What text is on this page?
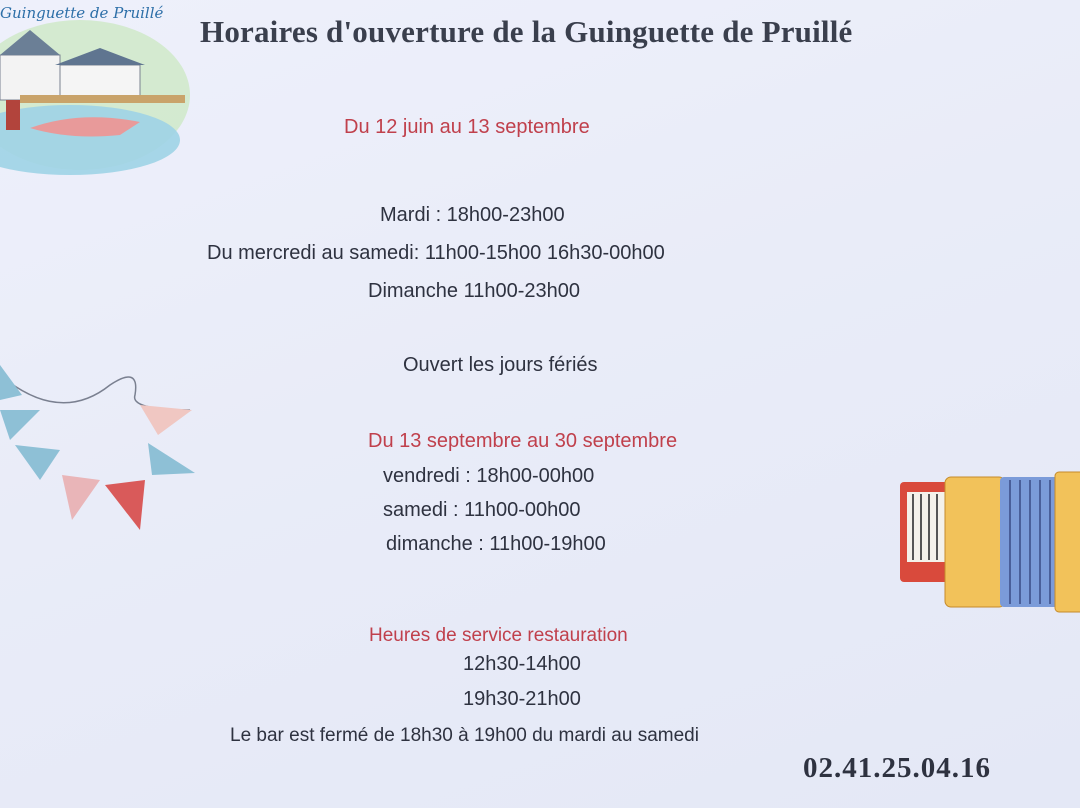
Guinguette de Pruillé
Horaires d'ouverture de la Guinguette de Pruillé
Du 12 juin au 13 septembre
Mardi : 18h00-23h00
Du mercredi au samedi: 11h00-15h00 16h30-00h00
Dimanche 11h00-23h00
Ouvert les jours fériés
Du 13 septembre au 30 septembre
vendredi : 18h00-00h00
samedi : 11h00-00h00
dimanche : 11h00-19h00
Heures de service restauration
12h30-14h00
19h30-21h00
Le bar est fermé de 18h30 à 19h00 du mardi au samedi
02.41.25.04.16
